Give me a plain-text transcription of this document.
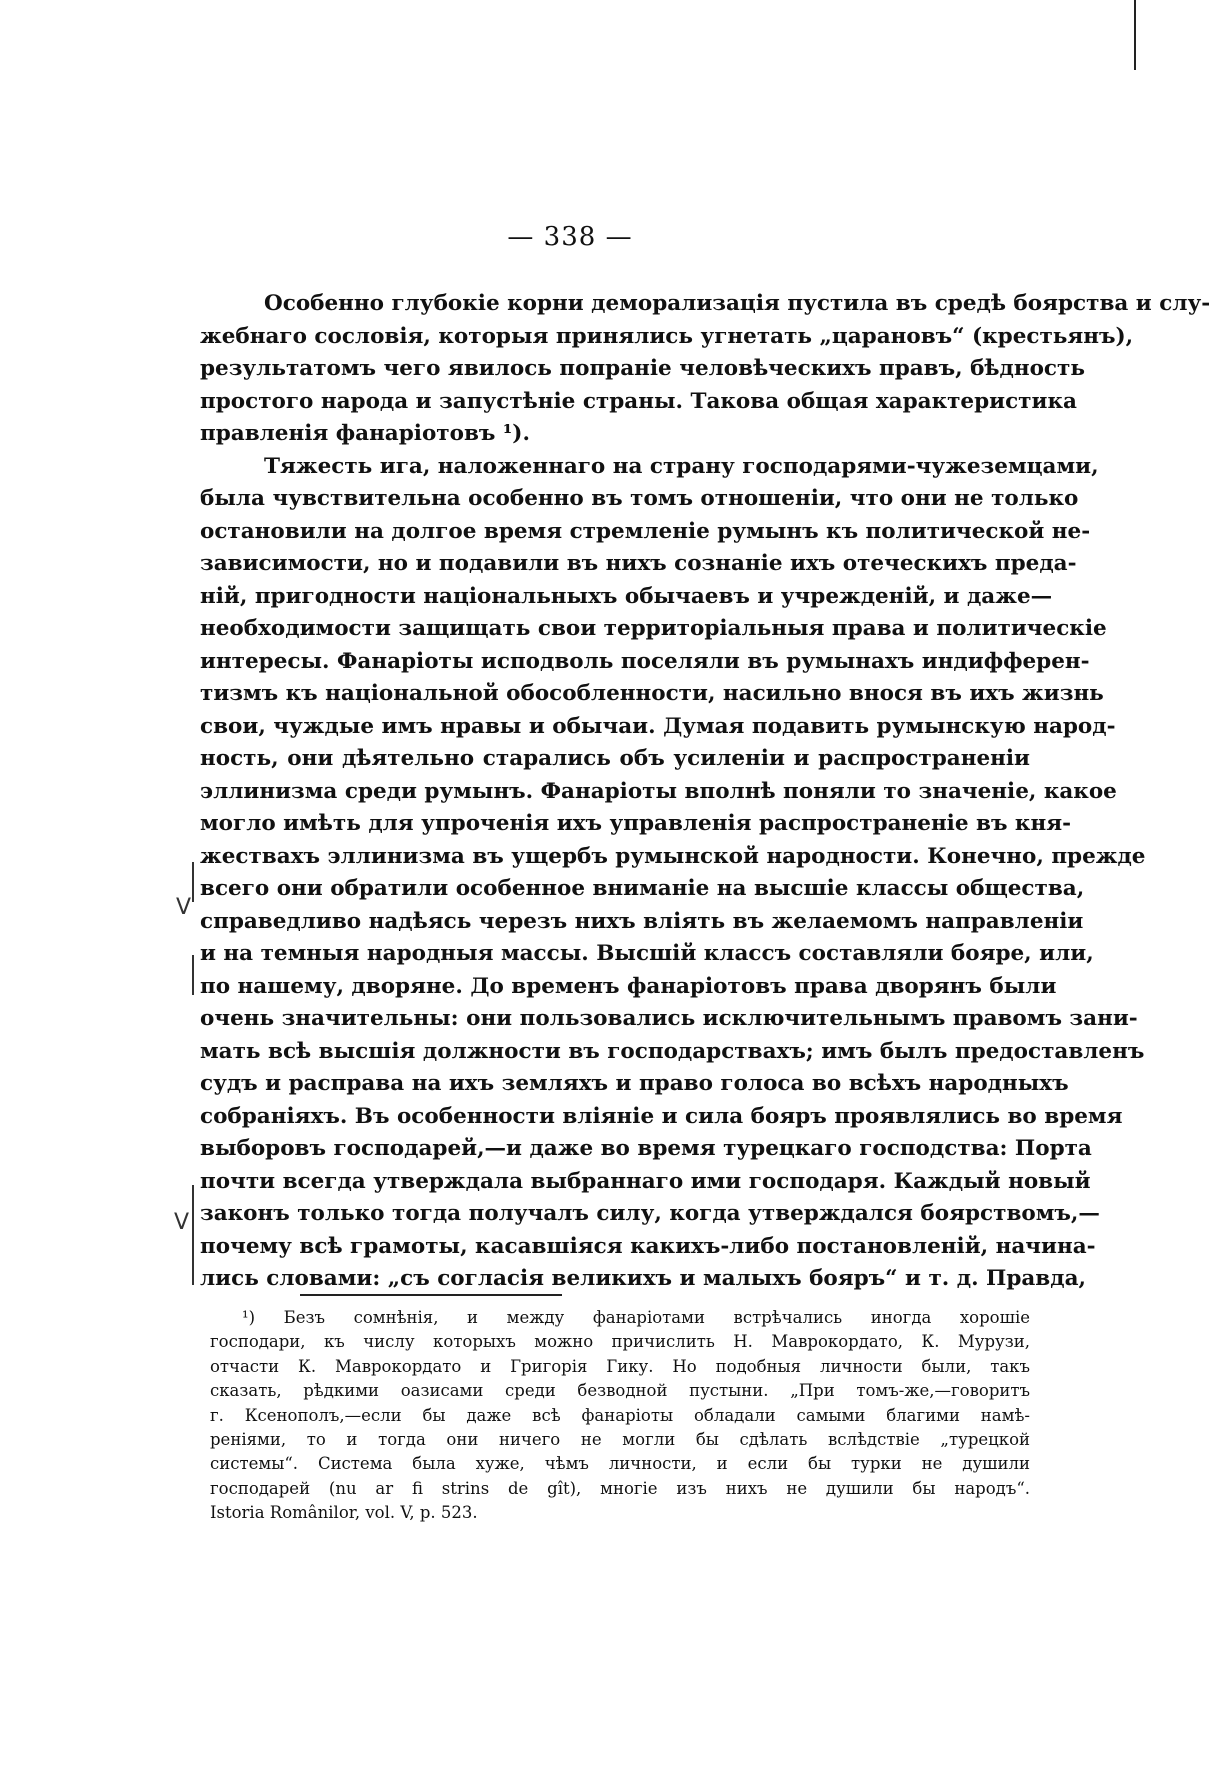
— 338 —
Особенно глубокіе корни деморализація пустила въ средѣ боярства и слу-
жебнаго сословія, которыя принялись угнетать „царановъ“ (крестьянъ),
результатомъ чего явилось попраніе человѣческихъ правъ, бѣдность
простого народа и запустѣніе страны. Такова общая характеристика
правленія фанаріотовъ ¹).
Тяжесть ига, наложеннаго на страну господарями-чужеземцами,
была чувствительна особенно въ томъ отношеніи, что они не только
остановили на долгое время стремленіе румынъ къ политической не-
зависимости, но и подавили въ нихъ сознаніе ихъ отеческихъ преда-
ній, пригодности національныхъ обычаевъ и учрежденій, и даже—
необходимости защищать свои территоріальныя права и политическіе
интересы. Фанаріоты исподволь поселяли въ румынахъ индифферен-
тизмъ къ національной обособленности, насильно внося въ ихъ жизнь
свои, чуждые имъ нравы и обычаи. Думая подавить румынскую народ-
ность, они дѣятельно старались объ усиленіи и распространеніи
эллинизма среди румынъ. Фанаріоты вполнѣ поняли то значеніе, какое
могло имѣть для упроченія ихъ управленія распространеніе въ кня-
жествахъ эллинизма въ ущербъ румынской народности. Конечно, прежде
всего они обратили особенное вниманіе на высшіе классы общества,
справедливо надѣясь черезъ нихъ вліять въ желаемомъ направленіи
и на темныя народныя массы. Высшій классъ составляли бояре, или,
по нашему, дворяне. До временъ фанаріотовъ права дворянъ были
очень значительны: они пользовались исключительнымъ правомъ зани-
мать всѣ высшія должности въ господарствахъ; имъ былъ предоставленъ
судъ и расправа на ихъ земляхъ и право голоса во всѣхъ народныхъ
собраніяхъ. Въ особенности вліяніе и сила бояръ проявлялись во время
выборовъ господарей,—и даже во время турецкаго господства: Порта
почти всегда утверждала выбраннаго ими господаря. Каждый новый
законъ только тогда получалъ силу, когда утверждался боярствомъ,—
почему всѣ грамоты, касавшіяся какихъ-либо постановленій, начина-
лись словами: „съ согласія великихъ и малыхъ бояръ“ и т. д. Правда,
¹) Безъ сомнѣнія, и между фанаріотами встрѣчались иногда хорошіе
господари, къ числу которыхъ можно причислить Н. Маврокордато, К. Мурузи,
отчасти К. Маврокордато и Григорія Гику. Но подобныя личности были, такъ
сказать, рѣдкими оазисами среди безводной пустыни. „При томъ-же,—говоритъ
г. Ксенополъ,—если бы даже всѣ фанаріоты обладали самыми благими намѣ-
реніями, то и тогда они ничего не могли бы сдѣлать вслѣдствіе „турецкой
системы“. Система была хуже, чѣмъ личности, и если бы турки не душили
господарей (nu ar fi strins de gît), многіе изъ нихъ не душили бы народъ“.
Istoria Românilor, vol. V, p. 523.
V
V
